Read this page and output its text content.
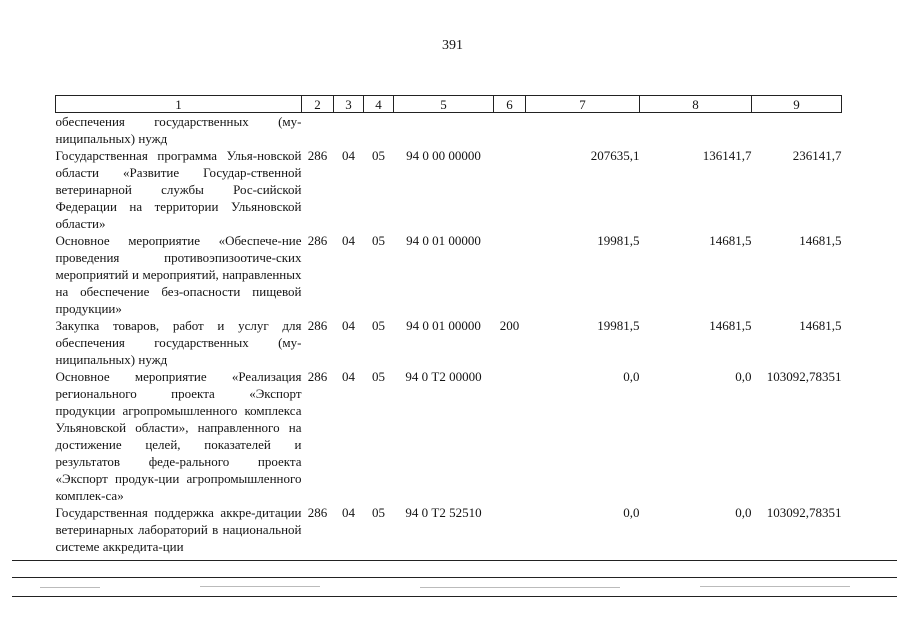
391
1	2	3	4	5	6	7	8	9
обеспечения государственных (му-ниципальных) нужд								
Государственная программа Улья-новской области «Развитие Государ-ственной ветеринарной службы Рос-сийской Федерации на территории Ульяновской области»	286	04	05	94 0 00 00000		207635,1	136141,7	236141,7
Основное мероприятие «Обеспече-ние проведения противоэпизоотиче-ских мероприятий и мероприятий, направленных на обеспечение без-опасности пищевой продукции»	286	04	05	94 0 01 00000		19981,5	14681,5	14681,5
Закупка товаров, работ и услуг для обеспечения государственных (му-ниципальных) нужд	286	04	05	94 0 01 00000	200	19981,5	14681,5	14681,5
Основное мероприятие «Реализация регионального проекта «Экспорт продукции агропромышленного комплекса Ульяновской области», направленного на достижение целей, показателей и результатов феде-рального проекта «Экспорт продук-ции агропромышленного комплек-са»	286	04	05	94 0 Т2 00000		0,0	0,0	103092,78351
Государственная поддержка аккре-дитации ветеринарных лабораторий в национальной системе аккредита-ции	286	04	05	94 0 Т2 52510		0,0	0,0	103092,78351
